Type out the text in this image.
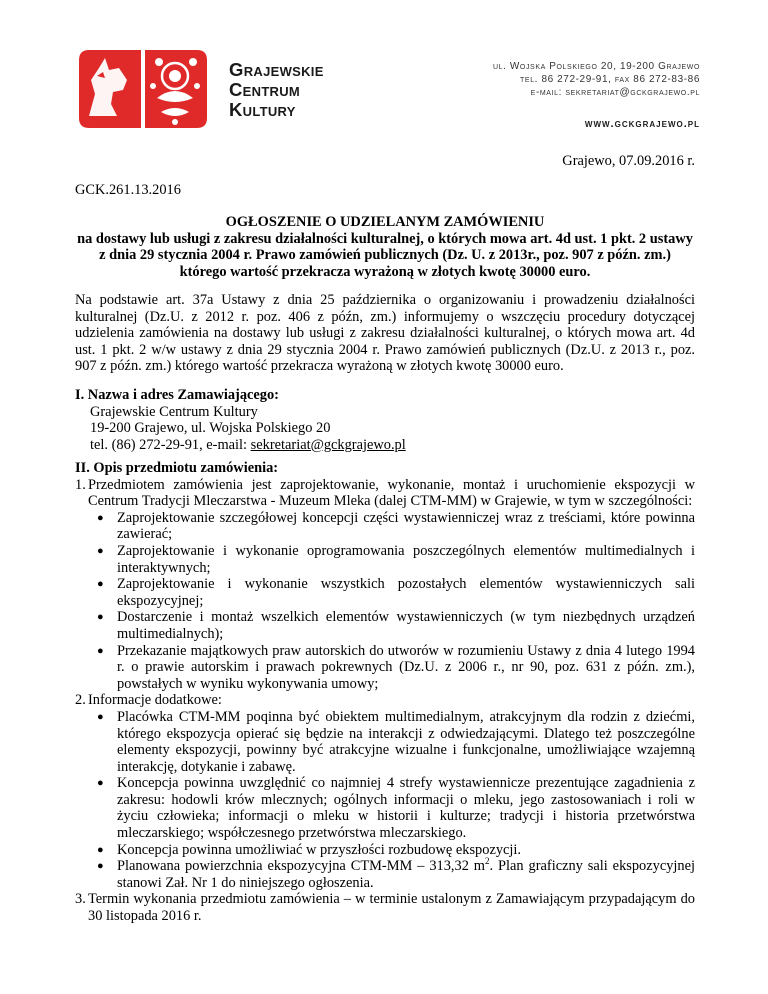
Grajewskie
Centrum
Kultury
ul. Wojska Polskiego 20, 19-200 Grajewo
tel. 86 272-29-91, fax 86 272-83-86
e-mail: sekretariat@gckgrajewo.pl
www.gckgrajewo.pl
Grajewo, 07.09.2016 r.
GCK.261.13.2016
OGŁOSZENIE O UDZIELANYM ZAMÓWIENIU
na dostawy lub usługi z zakresu działalności kulturalnej, o których mowa art. 4d ust. 1 pkt. 2 ustawy z dnia 29 stycznia 2004 r. Prawo zamówień publicznych (Dz. U. z 2013r., poz. 907 z późn. zm.) którego wartość przekracza wyrażoną w złotych kwotę 30000 euro.
Na podstawie art. 37a Ustawy z dnia 25 października o organizowaniu i prowadzeniu działalności kulturalnej (Dz.U. z 2012 r. poz. 406 z późn, zm.) informujemy o wszczęciu procedury dotyczącej udzielenia zamówienia na dostawy lub usługi z zakresu działalności kulturalnej, o których mowa art. 4d ust. 1 pkt. 2 w/w ustawy z dnia 29 stycznia 2004 r. Prawo zamówień publicznych (Dz.U. z 2013 r., poz. 907 z późn. zm.) którego wartość przekracza wyrażoną w złotych kwotę 30000 euro.
I. Nazwa i adres Zamawiającego:
Grajewskie Centrum Kultury
19-200 Grajewo, ul. Wojska Polskiego 20
tel. (86) 272-29-91, e-mail: sekretariat@gckgrajewo.pl
II. Opis przedmiotu zamówienia:
1. Przedmiotem zamówienia jest zaprojektowanie, wykonanie, montaż i uruchomienie ekspozycji w Centrum Tradycji Mleczarstwa - Muzeum Mleka (dalej CTM-MM) w Grajewie, w tym w szczególności:
● Zaprojektowanie szczegółowej koncepcji części wystawienniczej wraz z treściami, które powinna zawierać;
● Zaprojektowanie i wykonanie oprogramowania poszczególnych elementów multimedialnych i interaktywnych;
● Zaprojektowanie i wykonanie wszystkich pozostałych elementów wystawienniczych sali ekspozycyjnej;
● Dostarczenie i montaż wszelkich elementów wystawienniczych (w tym niezbędnych urządzeń multimedialnych);
● Przekazanie majątkowych praw autorskich do utworów w rozumieniu Ustawy z dnia 4 lutego 1994 r. o prawie autorskim i prawach pokrewnych (Dz.U. z 2006 r., nr 90, poz. 631 z późn. zm.), powstałych w wyniku wykonywania umowy;
2. Informacje dodatkowe:
● Placówka CTM-MM poqinna być obiektem multimedialnym, atrakcyjnym dla rodzin z dziećmi, którego ekspozycja opierać się będzie na interakcji z odwiedzającymi. Dlatego też poszczególne elementy ekspozycji, powinny być atrakcyjne wizualne i funkcjonalne, umożliwiające wzajemną interakcję, dotykanie i zabawę.
● Koncepcja powinna uwzględnić co najmniej 4 strefy wystawiennicze prezentujące zagadnienia z zakresu: hodowli krów mlecznych; ogólnych informacji o mleku, jego zastosowaniach i roli w życiu człowieka; informacji o mleku w historii i kulturze; tradycji i historia przetwórstwa mleczarskiego; współczesnego przetwórstwa mleczarskiego.
● Koncepcja powinna umożliwiać w przyszłości rozbudowę ekspozycji.
● Planowana powierzchnia ekspozycyjna CTM-MM – 313,32 $m^2$. Plan graficzny sali ekspozycyjnej stanowi Zał. Nr 1 do niniejszego ogłoszenia.
3. Termin wykonania przedmiotu zamówienia – w terminie ustalonym z Zamawiającym przypadającym do 30 listopada 2016 r.
